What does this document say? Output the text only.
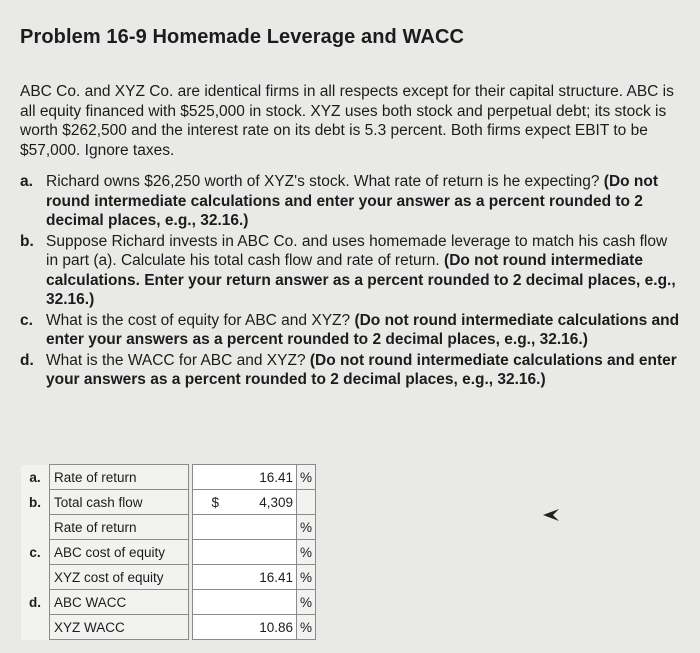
Problem 16-9 Homemade Leverage and WACC
ABC Co. and XYZ Co. are identical firms in all respects except for their capital structure. ABC is all equity financed with $525,000 in stock. XYZ uses both stock and perpetual debt; its stock is worth $262,500 and the interest rate on its debt is 5.3 percent. Both firms expect EBIT to be $57,000. Ignore taxes.
a. Richard owns $26,250 worth of XYZ's stock. What rate of return is he expecting? (Do not round intermediate calculations and enter your answer as a percent rounded to 2 decimal places, e.g., 32.16.)
b. Suppose Richard invests in ABC Co. and uses homemade leverage to match his cash flow in part (a). Calculate his total cash flow and rate of return. (Do not round intermediate calculations. Enter your return answer as a percent rounded to 2 decimal places, e.g., 32.16.)
c. What is the cost of equity for ABC and XYZ? (Do not round intermediate calculations and enter your answers as a percent rounded to 2 decimal places, e.g., 32.16.)
d. What is the WACC for ABC and XYZ? (Do not round intermediate calculations and enter your answers as a percent rounded to 2 decimal places, e.g., 32.16.)
a.	Rate of return			16.41	%
b.	Total cash flow		$	4,309	
	Rate of return				%
c.	ABC cost of equity				%
	XYZ cost of equity			16.41	%
d.	ABC WACC				%
	XYZ WACC			10.86	%
